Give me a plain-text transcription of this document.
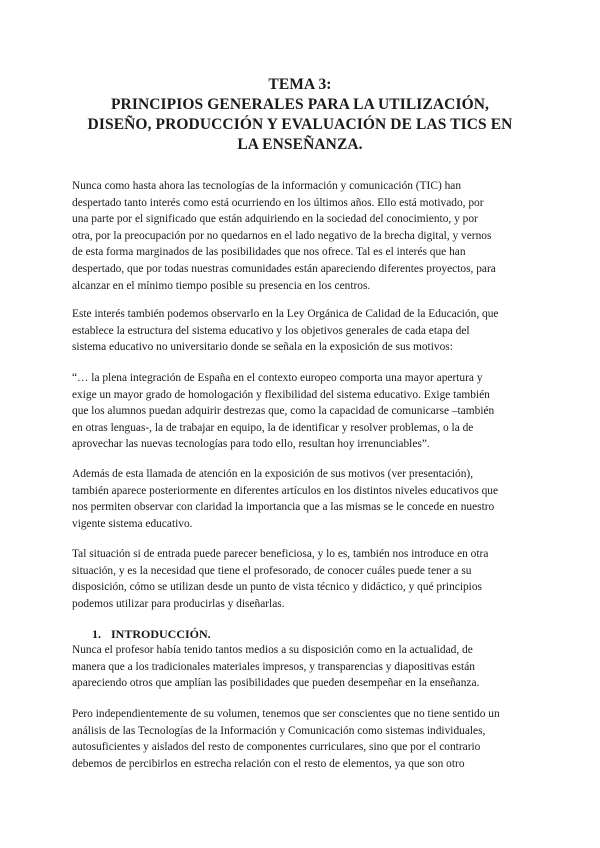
TEMA 3:
PRINCIPIOS GENERALES PARA LA UTILIZACIÓN,
DISEÑO, PRODUCCIÓN Y EVALUACIÓN DE LAS TICS EN
LA ENSEÑANZA.
Nunca como hasta ahora las tecnologías de la información y comunicación (TIC) han
despertado tanto interés como está ocurriendo en los últimos años. Ello está motivado, por
una parte por el significado que están adquiriendo en la sociedad del conocimiento, y por
otra, por la preocupación por no quedarnos en el lado negativo de la brecha digital, y vernos
de esta forma marginados de las posibilidades que nos ofrece. Tal es el interés que han
despertado, que por todas nuestras comunidades están apareciendo diferentes proyectos, para
alcanzar en el mínimo tiempo posible su presencia en los centros.
Este interés también podemos observarlo en la Ley Orgánica de Calidad de la Educación, que
establece la estructura del sistema educativo y los objetivos generales de cada etapa del
sistema educativo no universitario donde se señala en la exposición de sus motivos:
“… la plena integración de España en el contexto europeo comporta una mayor apertura y
exige un mayor grado de homologación y flexibilidad del sistema educativo. Exige también
que los alumnos puedan adquirir destrezas que, como la capacidad de comunicarse –también
en otras lenguas-, la de trabajar en equipo, la de identificar y resolver problemas, o la de
aprovechar las nuevas tecnologías para todo ello, resultan hoy irrenunciables”.
Además de esta llamada de atención en la exposición de sus motivos (ver presentación),
también aparece posteriormente en diferentes artículos en los distintos niveles educativos que
nos permiten observar con claridad la importancia que a las mismas se le concede en nuestro
vigente sistema educativo.
Tal situación si de entrada puede parecer beneficiosa, y lo es, también nos introduce en otra
situación, y es la necesidad que tiene el profesorado, de conocer cuáles puede tener a su
disposición, cómo se utilizan desde un punto de vista técnico y didáctico, y qué principios
podemos utilizar para producirlas y diseñarlas.
1. INTRODUCCIÓN.
Nunca el profesor había tenido tantos medios a su disposición como en la actualidad, de
manera que a los tradicionales materiales impresos, y transparencias y diapositivas están
apareciendo otros que amplían las posibilidades que pueden desempeñar en la enseñanza.
Pero independientemente de su volumen, tenemos que ser conscientes que no tiene sentido un
análisis de las Tecnologías de la Información y Comunicación como sistemas individuales,
autosuficientes y aislados del resto de componentes curriculares, sino que por el contrario
debemos de percibirlos en estrecha relación con el resto de elementos, ya que son otro
